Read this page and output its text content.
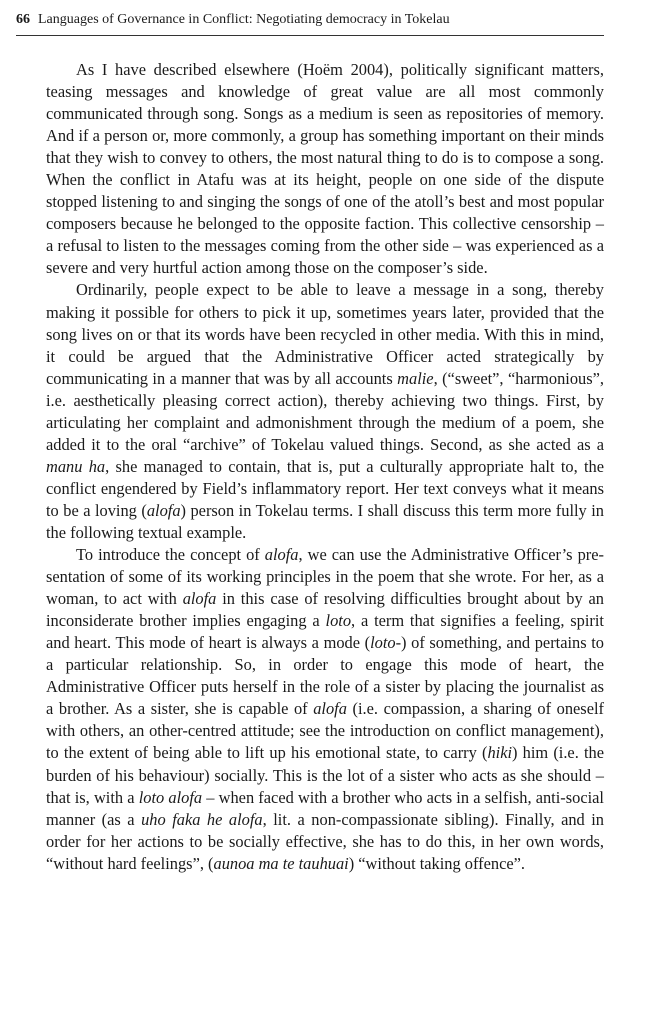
66 Languages of Governance in Conflict: Negotiating democracy in Tokelau

As I have described elsewhere (Hoëm 2004), politically significant matters, teasing messages and knowledge of great value are all most commonly communicated through song. Songs as a medium is seen as repositories of memory. And if a person or, more commonly, a group has something important on their minds that they wish to convey to others, the most natural thing to do is to compose a song. When the conflict in Atafu was at its height, people on one side of the dispute stopped listening to and singing the songs of one of the atoll’s best and most popular composers because he belonged to the opposite faction. This collective censorship – a refusal to listen to the messages coming from the other side – was experienced as a severe and very hurtful action among those on the composer’s side.

Ordinarily, people expect to be able to leave a message in a song, thereby making it possible for others to pick it up, sometimes years later, provided that the song lives on or that its words have been recycled in other media. With this in mind, it could be argued that the Administrative Officer acted strategically by communicating in a manner that was by all accounts malie, (“sweet”, “harmonious”, i.e. aesthetically pleasing correct action), thereby achieving two things. First, by articulating her complaint and admonishment through the medium of a poem, she added it to the oral “archive” of Tokelau valued things. Second, as she acted as a manu ha, she managed to contain, that is, put a culturally appropriate halt to, the conflict engendered by Field’s inflammatory report. Her text conveys what it means to be a loving (alofa) person in Tokelau terms. I shall discuss this term more fully in the following textual example.

To introduce the concept of alofa, we can use the Administrative Officer’s presentation of some of its working principles in the poem that she wrote. For her, as a woman, to act with alofa in this case of resolving difficulties brought about by an inconsiderate brother implies engaging a loto, a term that signifies a feeling, spirit and heart. This mode of heart is always a mode (loto-) of something, and pertains to a particular relationship. So, in order to engage this mode of heart, the Administrative Officer puts herself in the role of a sister by placing the journalist as a brother. As a sister, she is capable of alofa (i.e. compassion, a sharing of oneself with others, an other-centred attitude; see the introduction on conflict management), to the extent of being able to lift up his emotional state, to carry (hiki) him (i.e. the burden of his behaviour) socially. This is the lot of a sister who acts as she should – that is, with a loto alofa – when faced with a brother who acts in a selfish, anti-social manner (as a uho faka he alofa, lit. a non-compassionate sibling). Finally, and in order for her actions to be socially effective, she has to do this, in her own words, “without hard feelings”, (aunoa ma te tauhuai) “without taking offence”.
